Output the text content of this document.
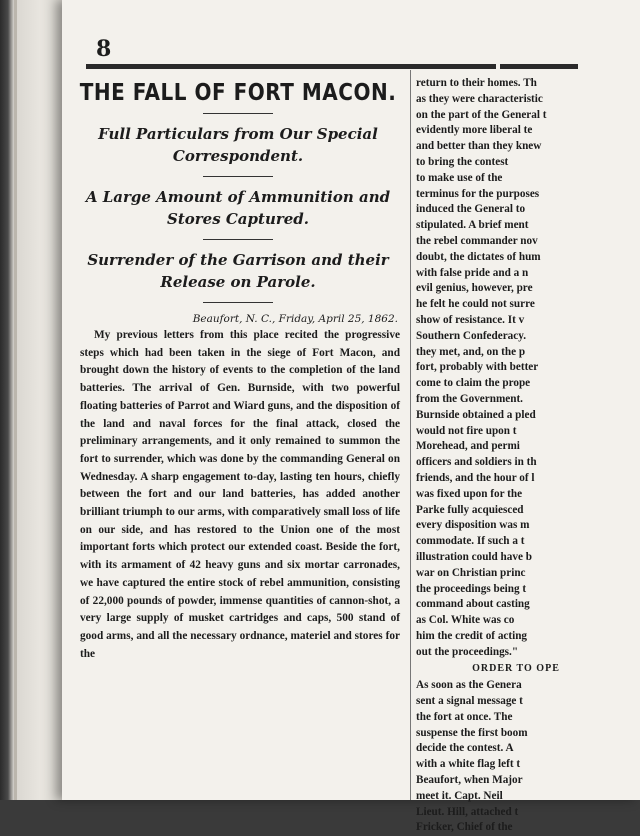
8
THE FALL OF FORT MACON.
Full Particulars from Our Special Correspondent.
A Large Amount of Ammunition and Stores Captured.
Surrender of the Garrison and their Release on Parole.
Beaufort, N. C., Friday, April 25, 1862.

My previous letters from this place recited the progressive steps which had been taken in the siege of Fort Macon, and brought down the history of events to the completion of the land batteries. The arrival of Gen. Burnside, with two powerful floating batteries of Parrot and Wiard guns, and the disposition of the land and naval forces for the final attack, closed the preliminary arrangements, and it only remained to summon the fort to surrender, which was done by the commanding General on Wednesday. A sharp engagement to-day, lasting ten hours, chiefly between the fort and our land batteries, has added another brilliant triumph to our arms, with comparatively small loss of life on our side, and has restored to the Union one of the most important forts which protect our extended coast. Beside the fort, with its armament of 42 heavy guns and six mortar carronades, we have captured the entire stock of rebel ammunition, consisting of 22,000 pounds of powder, immense quantities of cannon-shot, a very large supply of musket cartridges and caps, 500 stand of good arms, and all the necessary ordnance, materiel and stores for the

return to their homes. Th
as they were characteristic
on the part of the General t
evidently more liberal te
and better than they knew
to bring the contest
to make use of the
terminus for the purposes
induced the General to
stipulated. A brief ment
the rebel commander nov
doubt, the dictates of hum
with false pride and a n
evil genius, however, pre
he felt he could not surre
show of resistance. It v
Southern Confederacy.
they met, and, on the p
fort, probably with better
come to claim the prope
from the Government.
Burnside obtained a pled
would not fire upon t
Morehead, and permi
officers and soldiers in th
friends, and the hour of l
was fixed upon for the
Parke fully acquiesced
every disposition was m
commodate. If such a t
illustration could have b
war on Christian princ
the proceedings being t
command about casting
as Col. White was co
him the credit of acting
out the proceedings."
ORDER TO OPE
As soon as the Genera
sent a signal message t
the fort at once. The
suspense the first boom
decide the contest. A
with a white flag left t
Beaufort, when Major
meet it. Capt. Neil
Lieut. Hill, attached t
Fricker, Chief of the
